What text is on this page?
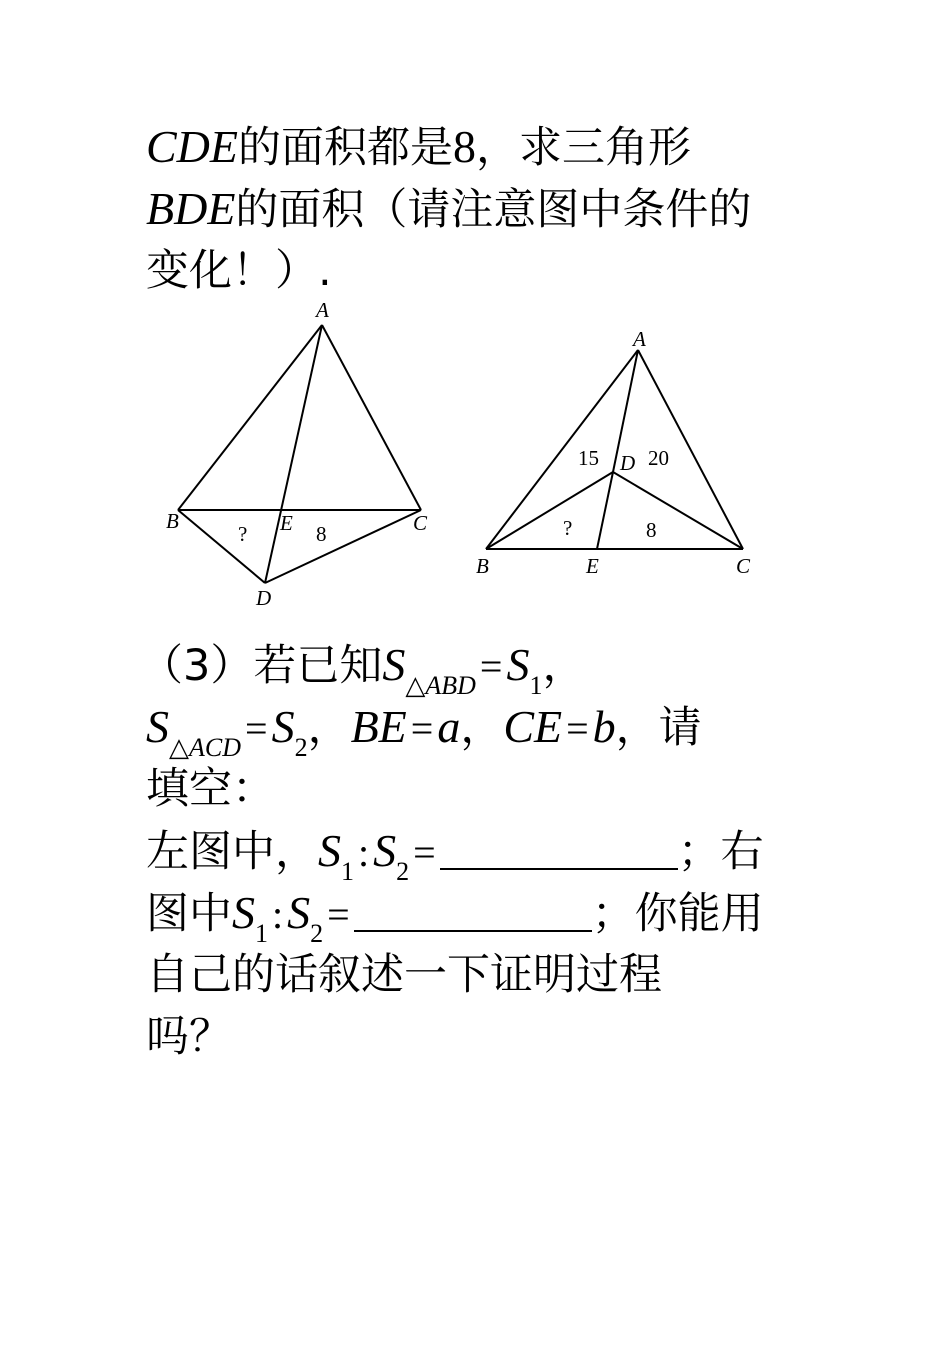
CDE的面积都是8，求三角形
BDE的面积（请注意图中条件的
变化！）.
A
B	C
D
E
?	8
A
B	C
D
E
15 20
?	8
（3）若已知$S_{\triangle ABD} =S_1$，
$S_{\triangle ACD} =S_2$，BE =a，CE =b，请
填空：
左图中，$S_1$ $:S_2$ =	；右
图中$S_1$ $:S_2$ =	；你能用
自己的话叙述一下证明过程
吗？
